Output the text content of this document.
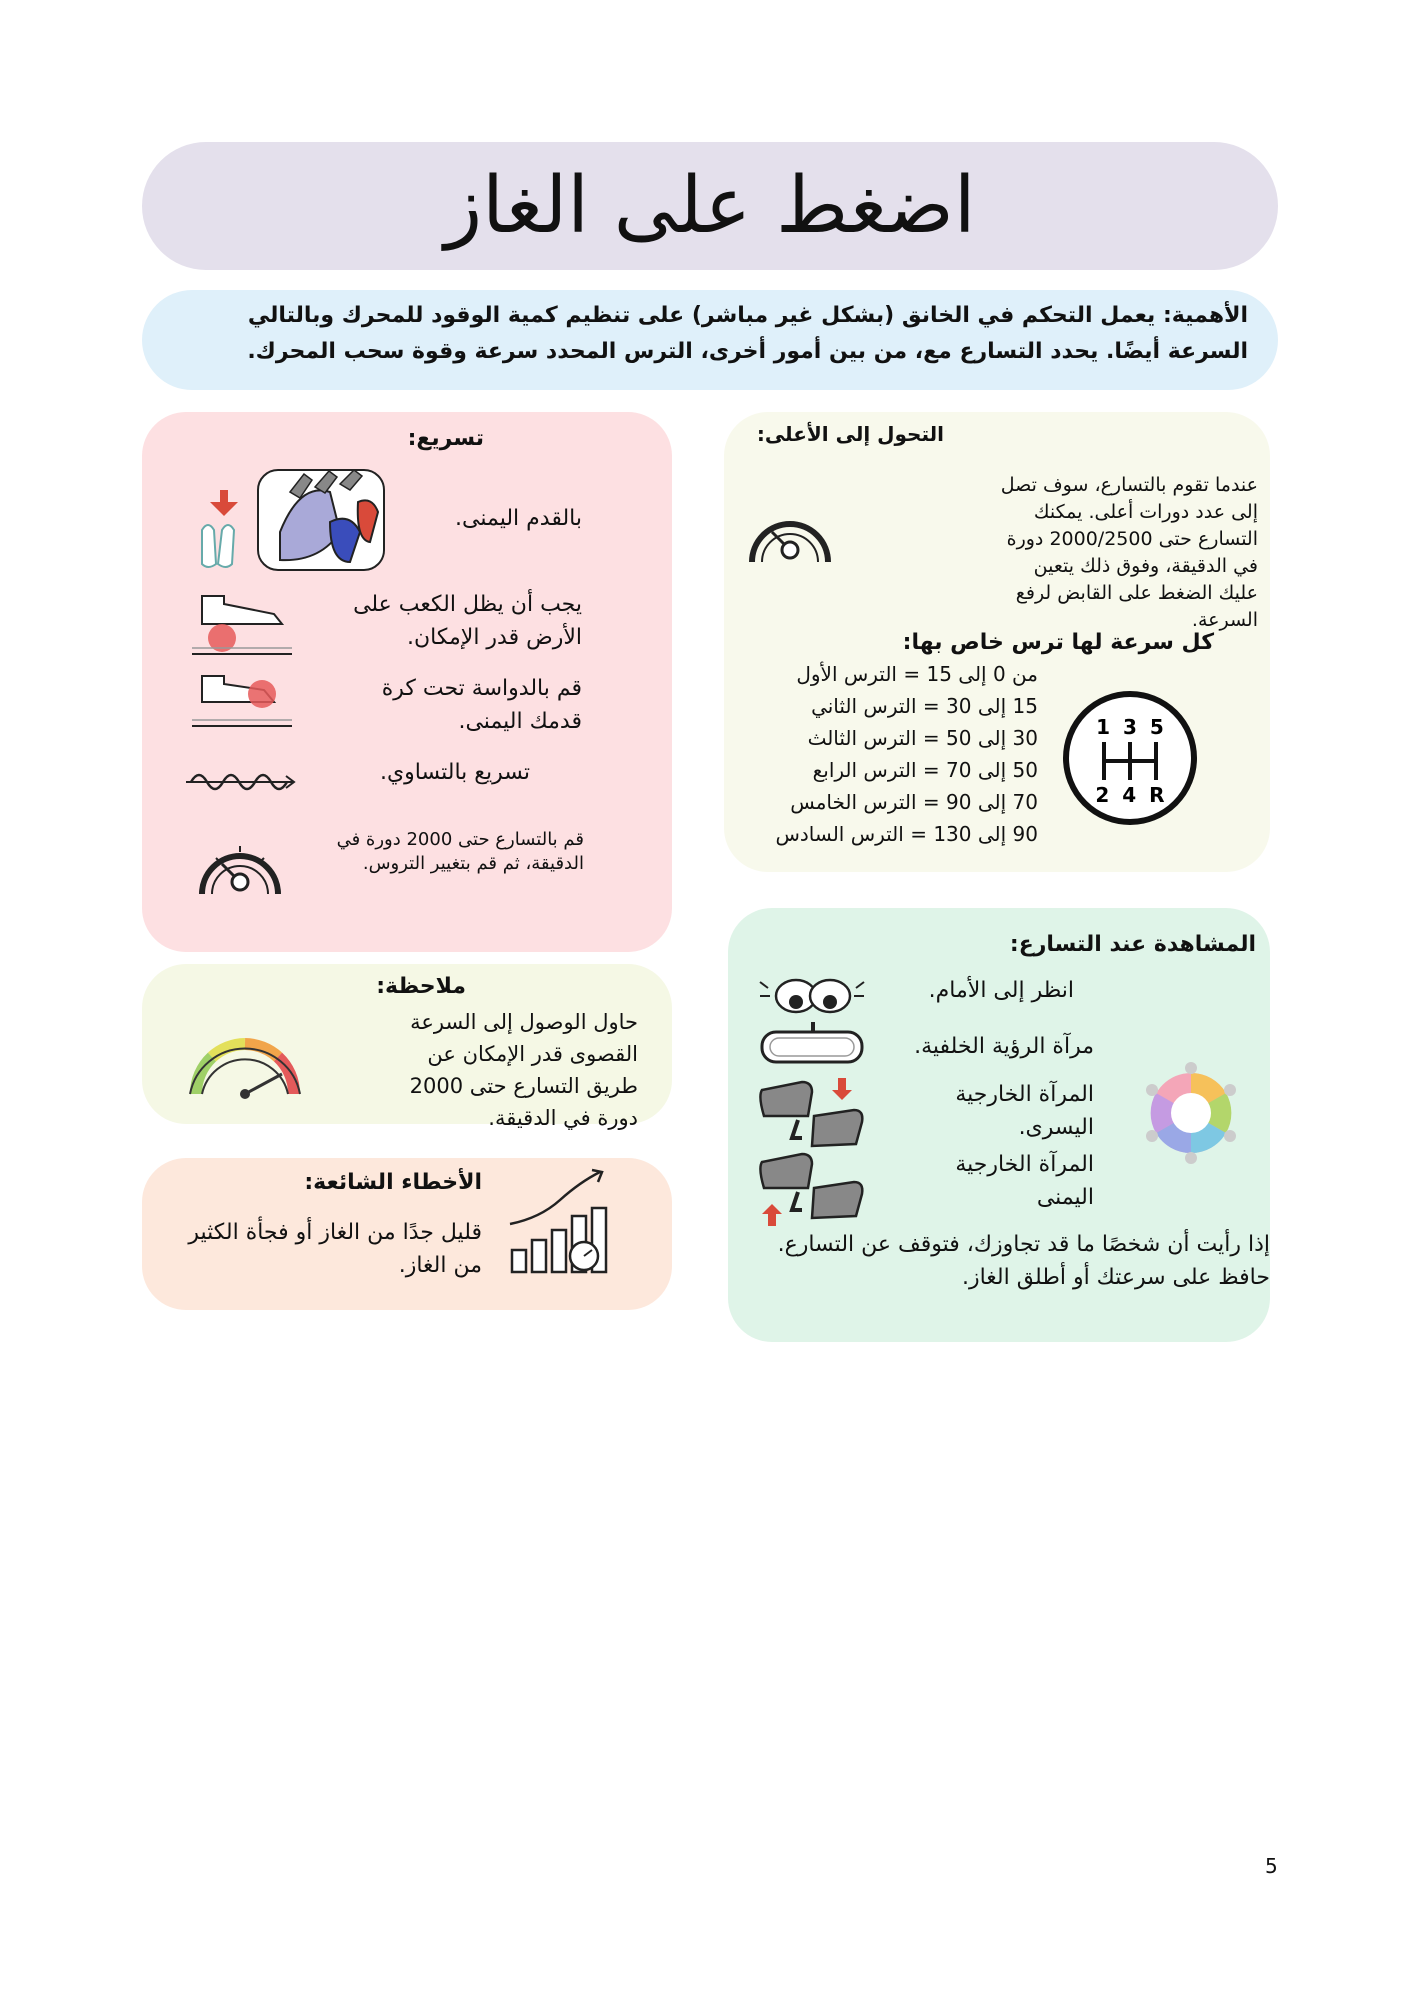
اضغط على الغاز

الأهمية: يعمل التحكم في الخانق (بشكل غير مباشر) على تنظيم كمية الوقود للمحرك وبالتالي السرعة أيضًا. يحدد التسارع مع، من بين أمور أخرى، الترس المحدد سرعة وقوة سحب المحرك.

تسريع:
بالقدم اليمنى.
يجب أن يظل الكعب على الأرض قدر الإمكان.
قم بالدواسة تحت كرة قدمك اليمنى.
تسريع بالتساوي.
قم بالتسارع حتى 2000 دورة في الدقيقة، ثم قم بتغيير التروس.
التحول إلى الأعلى:

عندما تقوم بالتسارع، سوف تصل إلى عدد دورات أعلى. يمكنك التسارع حتى 2000/2500 دورة في الدقيقة، وفوق ذلك يتعين عليك الضغط على القابض لرفع السرعة.

كل سرعة لها ترس خاص بها:
من 0 إلى 15 = الترس الأول
15 إلى 30 = الترس الثاني
30 إلى 50 = الترس الثالث
50 إلى 70 = الترس الرابع
70 إلى 90 = الترس الخامس
90 إلى 130 = الترس السادس
1 3 5
2 4 R
ملاحظة:

حاول الوصول إلى السرعة القصوى قدر الإمكان عن طريق التسارع حتى 2000 دورة في الدقيقة.

الأخطاء الشائعة:

قليل جدًا من الغاز أو فجأة الكثير من الغاز.

المشاهدة عند التسارع:
انظر إلى الأمام.
مرآة الرؤية الخلفية.
المرآة الخارجية اليسرى.
المرآة الخارجية اليمنى

إذا رأيت أن شخصًا ما قد تجاوزك، فتوقف عن التسارع. حافظ على سرعتك أو أطلق الغاز.

5
